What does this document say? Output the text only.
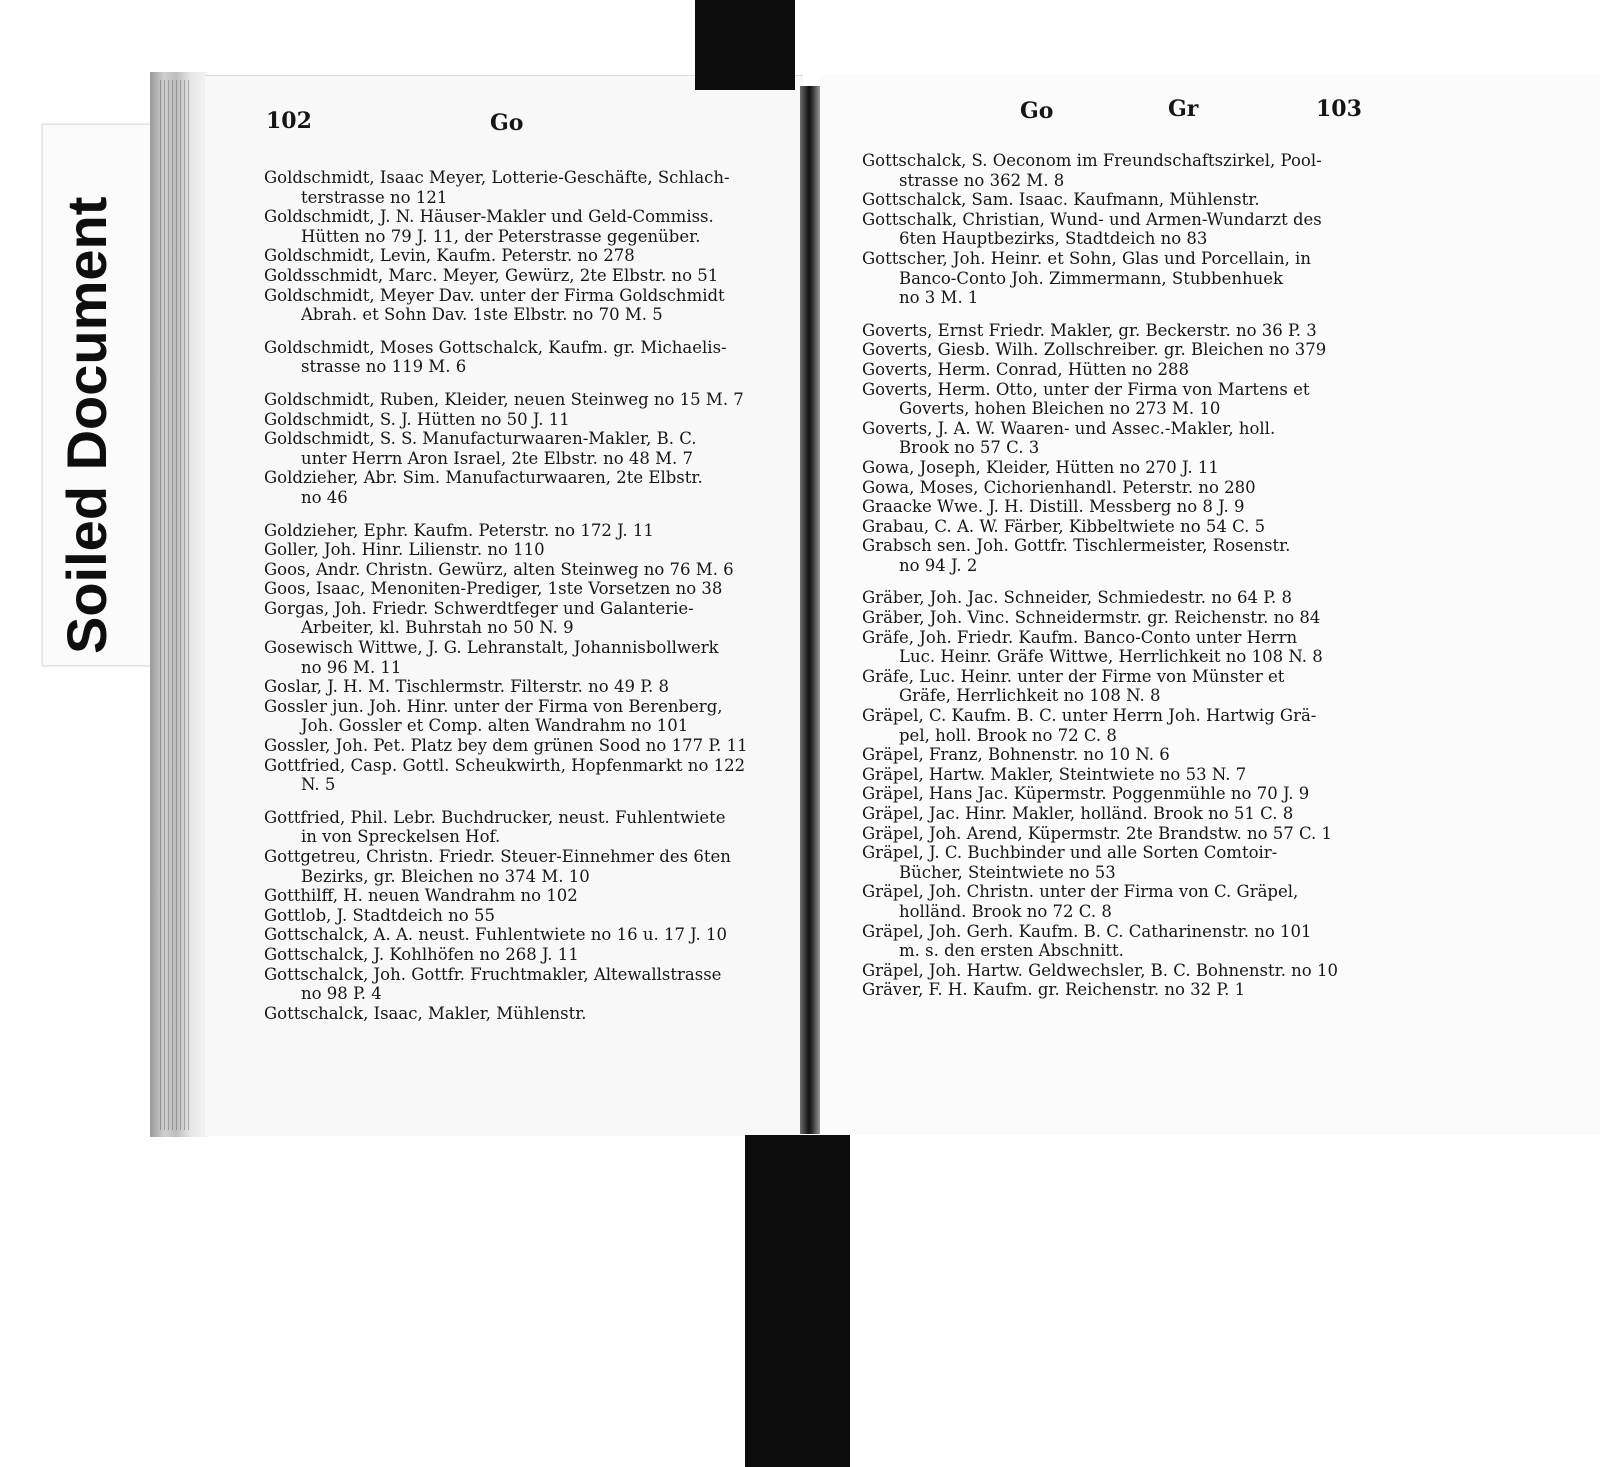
Soiled Document
102	Go	Go	Gr	103
Goldschmidt, Isaac Meyer, Lotterie-Geschäfte, Schlach-
terstrasse no 121
Goldschmidt, J. N. Häuser-Makler und Geld-Commiss.
Hütten no 79 J. 11, der Peterstrasse gegenüber.
Goldschmidt, Levin, Kaufm. Peterstr. no 278
Goldsschmidt, Marc. Meyer, Gewürz, 2te Elbstr. no 51
Goldschmidt, Meyer Dav. unter der Firma Goldschmidt
Abrah. et Sohn Dav. 1ste Elbstr. no 70 M. 5
Goldschmidt, Moses Gottschalck, Kaufm. gr. Michaelis-
strasse no 119 M. 6
Goldschmidt, Ruben, Kleider, neuen Steinweg no 15 M. 7
Goldschmidt, S. J. Hütten no 50 J. 11
Goldschmidt, S. S. Manufacturwaaren-Makler, B. C.
unter Herrn Aron Israel, 2te Elbstr. no 48 M. 7
Goldzieher, Abr. Sim. Manufacturwaaren, 2te Elbstr.
no 46
Goldzieher, Ephr. Kaufm. Peterstr. no 172 J. 11
Goller, Joh. Hinr. Lilienstr. no 110
Goos, Andr. Christn. Gewürz, alten Steinweg no 76 M. 6
Goos, Isaac, Menoniten-Prediger, 1ste Vorsetzen no 38
Gorgas, Joh. Friedr. Schwerdtfeger und Galanterie-
Arbeiter, kl. Buhrstah no 50 N. 9
Gosewisch Wittwe, J. G. Lehranstalt, Johannisbollwerk
no 96 M. 11
Goslar, J. H. M. Tischlermstr. Filterstr. no 49 P. 8
Gossler jun. Joh. Hinr. unter der Firma von Berenberg,
Joh. Gossler et Comp. alten Wandrahm no 101
Gossler, Joh. Pet. Platz bey dem grünen Sood no 177 P. 11
Gottfried, Casp. Gottl. Scheukwirth, Hopfenmarkt no 122
N. 5
Gottfried, Phil. Lebr. Buchdrucker, neust. Fuhlentwiete
in von Spreckelsen Hof.
Gottgetreu, Christn. Friedr. Steuer-Einnehmer des 6ten
Bezirks, gr. Bleichen no 374 M. 10
Gotthilff, H. neuen Wandrahm no 102
Gottlob, J. Stadtdeich no 55
Gottschalck, A. A. neust. Fuhlentwiete no 16 u. 17 J. 10
Gottschalck, J. Kohlhöfen no 268 J. 11
Gottschalck, Joh. Gottfr. Fruchtmakler, Altewallstrasse
no 98 P. 4
Gottschalck, Isaac, Makler, Mühlenstr.
Gottschalck, S. Oeconom im Freundschaftszirkel, Pool-
strasse no 362 M. 8
Gottschalck, Sam. Isaac. Kaufmann, Mühlenstr.
Gottschalk, Christian, Wund- und Armen-Wundarzt des
6ten Hauptbezirks, Stadtdeich no 83
Gottscher, Joh. Heinr. et Sohn, Glas und Porcellain, in
Banco-Conto Joh. Zimmermann, Stubbenhuek
no 3 M. 1
Goverts, Ernst Friedr. Makler, gr. Beckerstr. no 36 P. 3
Goverts, Giesb. Wilh. Zollschreiber. gr. Bleichen no 379
Goverts, Herm. Conrad, Hütten no 288
Goverts, Herm. Otto, unter der Firma von Martens et
Goverts, hohen Bleichen no 273 M. 10
Goverts, J. A. W. Waaren- und Assec.-Makler, holl.
Brook no 57 C. 3
Gowa, Joseph, Kleider, Hütten no 270 J. 11
Gowa, Moses, Cichorienhandl. Peterstr. no 280
Graacke Wwe. J. H. Distill. Messberg no 8 J. 9
Grabau, C. A. W. Färber, Kibbeltwiete no 54 C. 5
Grabsch sen. Joh. Gottfr. Tischlermeister, Rosenstr.
no 94 J. 2
Gräber, Joh. Jac. Schneider, Schmiedestr. no 64 P. 8
Gräber, Joh. Vinc. Schneidermstr. gr. Reichenstr. no 84
Gräfe, Joh. Friedr. Kaufm. Banco-Conto unter Herrn
Luc. Heinr. Gräfe Wittwe, Herrlichkeit no 108 N. 8
Gräfe, Luc. Heinr. unter der Firme von Münster et
Gräfe, Herrlichkeit no 108 N. 8
Gräpel, C. Kaufm. B. C. unter Herrn Joh. Hartwig Grä-
pel, holl. Brook no 72 C. 8
Gräpel, Franz, Bohnenstr. no 10 N. 6
Gräpel, Hartw. Makler, Steintwiete no 53 N. 7
Gräpel, Hans Jac. Küpermstr. Poggenmühle no 70 J. 9
Gräpel, Jac. Hinr. Makler, holländ. Brook no 51 C. 8
Gräpel, Joh. Arend, Küpermstr. 2te Brandstw. no 57 C. 1
Gräpel, J. C. Buchbinder und alle Sorten Comtoir-
Bücher, Steintwiete no 53
Gräpel, Joh. Christn. unter der Firma von C. Gräpel,
holländ. Brook no 72 C. 8
Gräpel, Joh. Gerh. Kaufm. B. C. Catharinenstr. no 101
m. s. den ersten Abschnitt.
Gräpel, Joh. Hartw. Geldwechsler, B. C. Bohnenstr. no 10
Gräver, F. H. Kaufm. gr. Reichenstr. no 32 P. 1
